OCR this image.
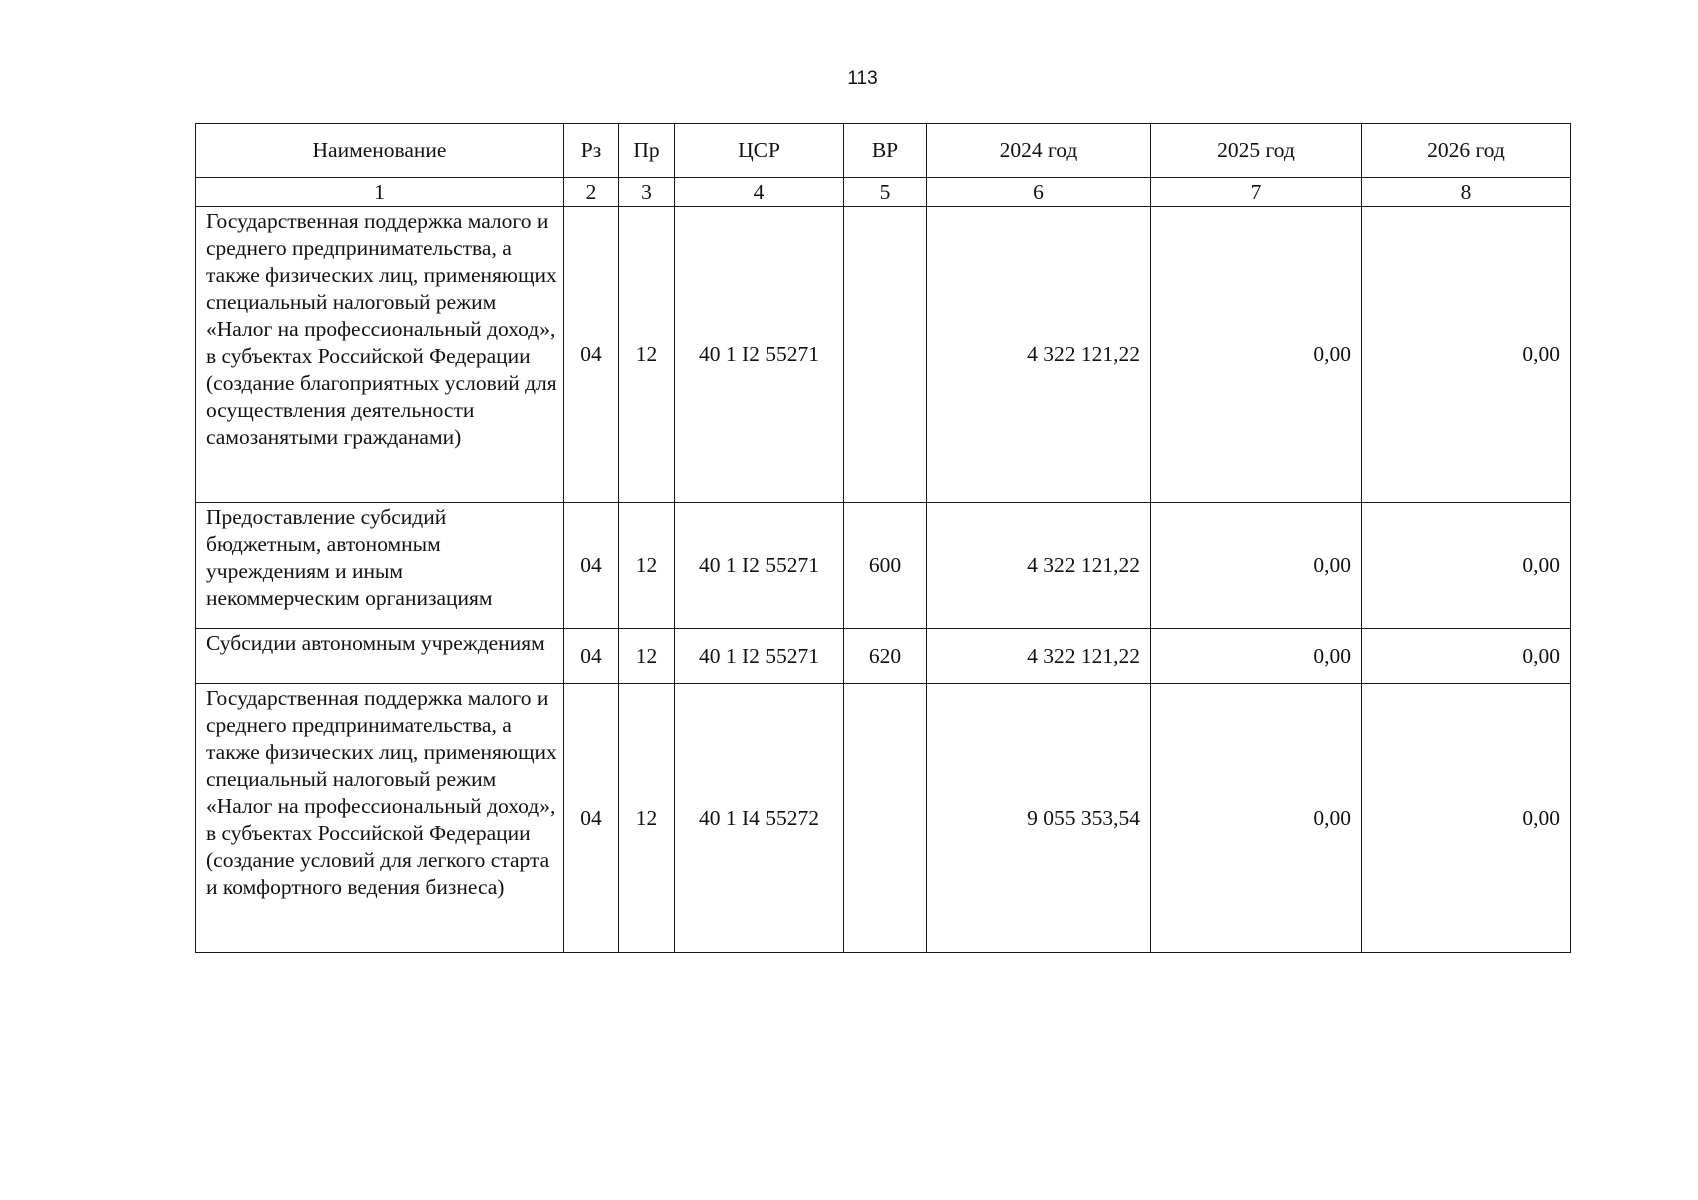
113
Наименование	Рз	Пр	ЦСР	ВР	2024 год	2025 год	2026 год
1	2	3	4	5	6	7	8
Государственная поддержка малого и среднего предпринимательства, а также физических лиц, применяющих специальный налоговый режим «Налог на профессиональный доход», в субъектах Российской Федерации (создание благоприятных условий для осуществления деятельности самозанятыми гражданами)	04	12	40 1 I2 55271		4 322 121,22	0,00	0,00
Предоставление субсидий бюджетным, автономным учреждениям и иным некоммерческим организациям	04	12	40 1 I2 55271	600	4 322 121,22	0,00	0,00
Субсидии автономным учреждениям	04	12	40 1 I2 55271	620	4 322 121,22	0,00	0,00
Государственная поддержка малого и среднего предпринимательства, а также физических лиц, применяющих специальный налоговый режим «Налог на профессиональный доход», в субъектах Российской Федерации (создание условий для легкого старта и комфортного ведения бизнеса)	04	12	40 1 I4 55272		9 055 353,54	0,00	0,00
